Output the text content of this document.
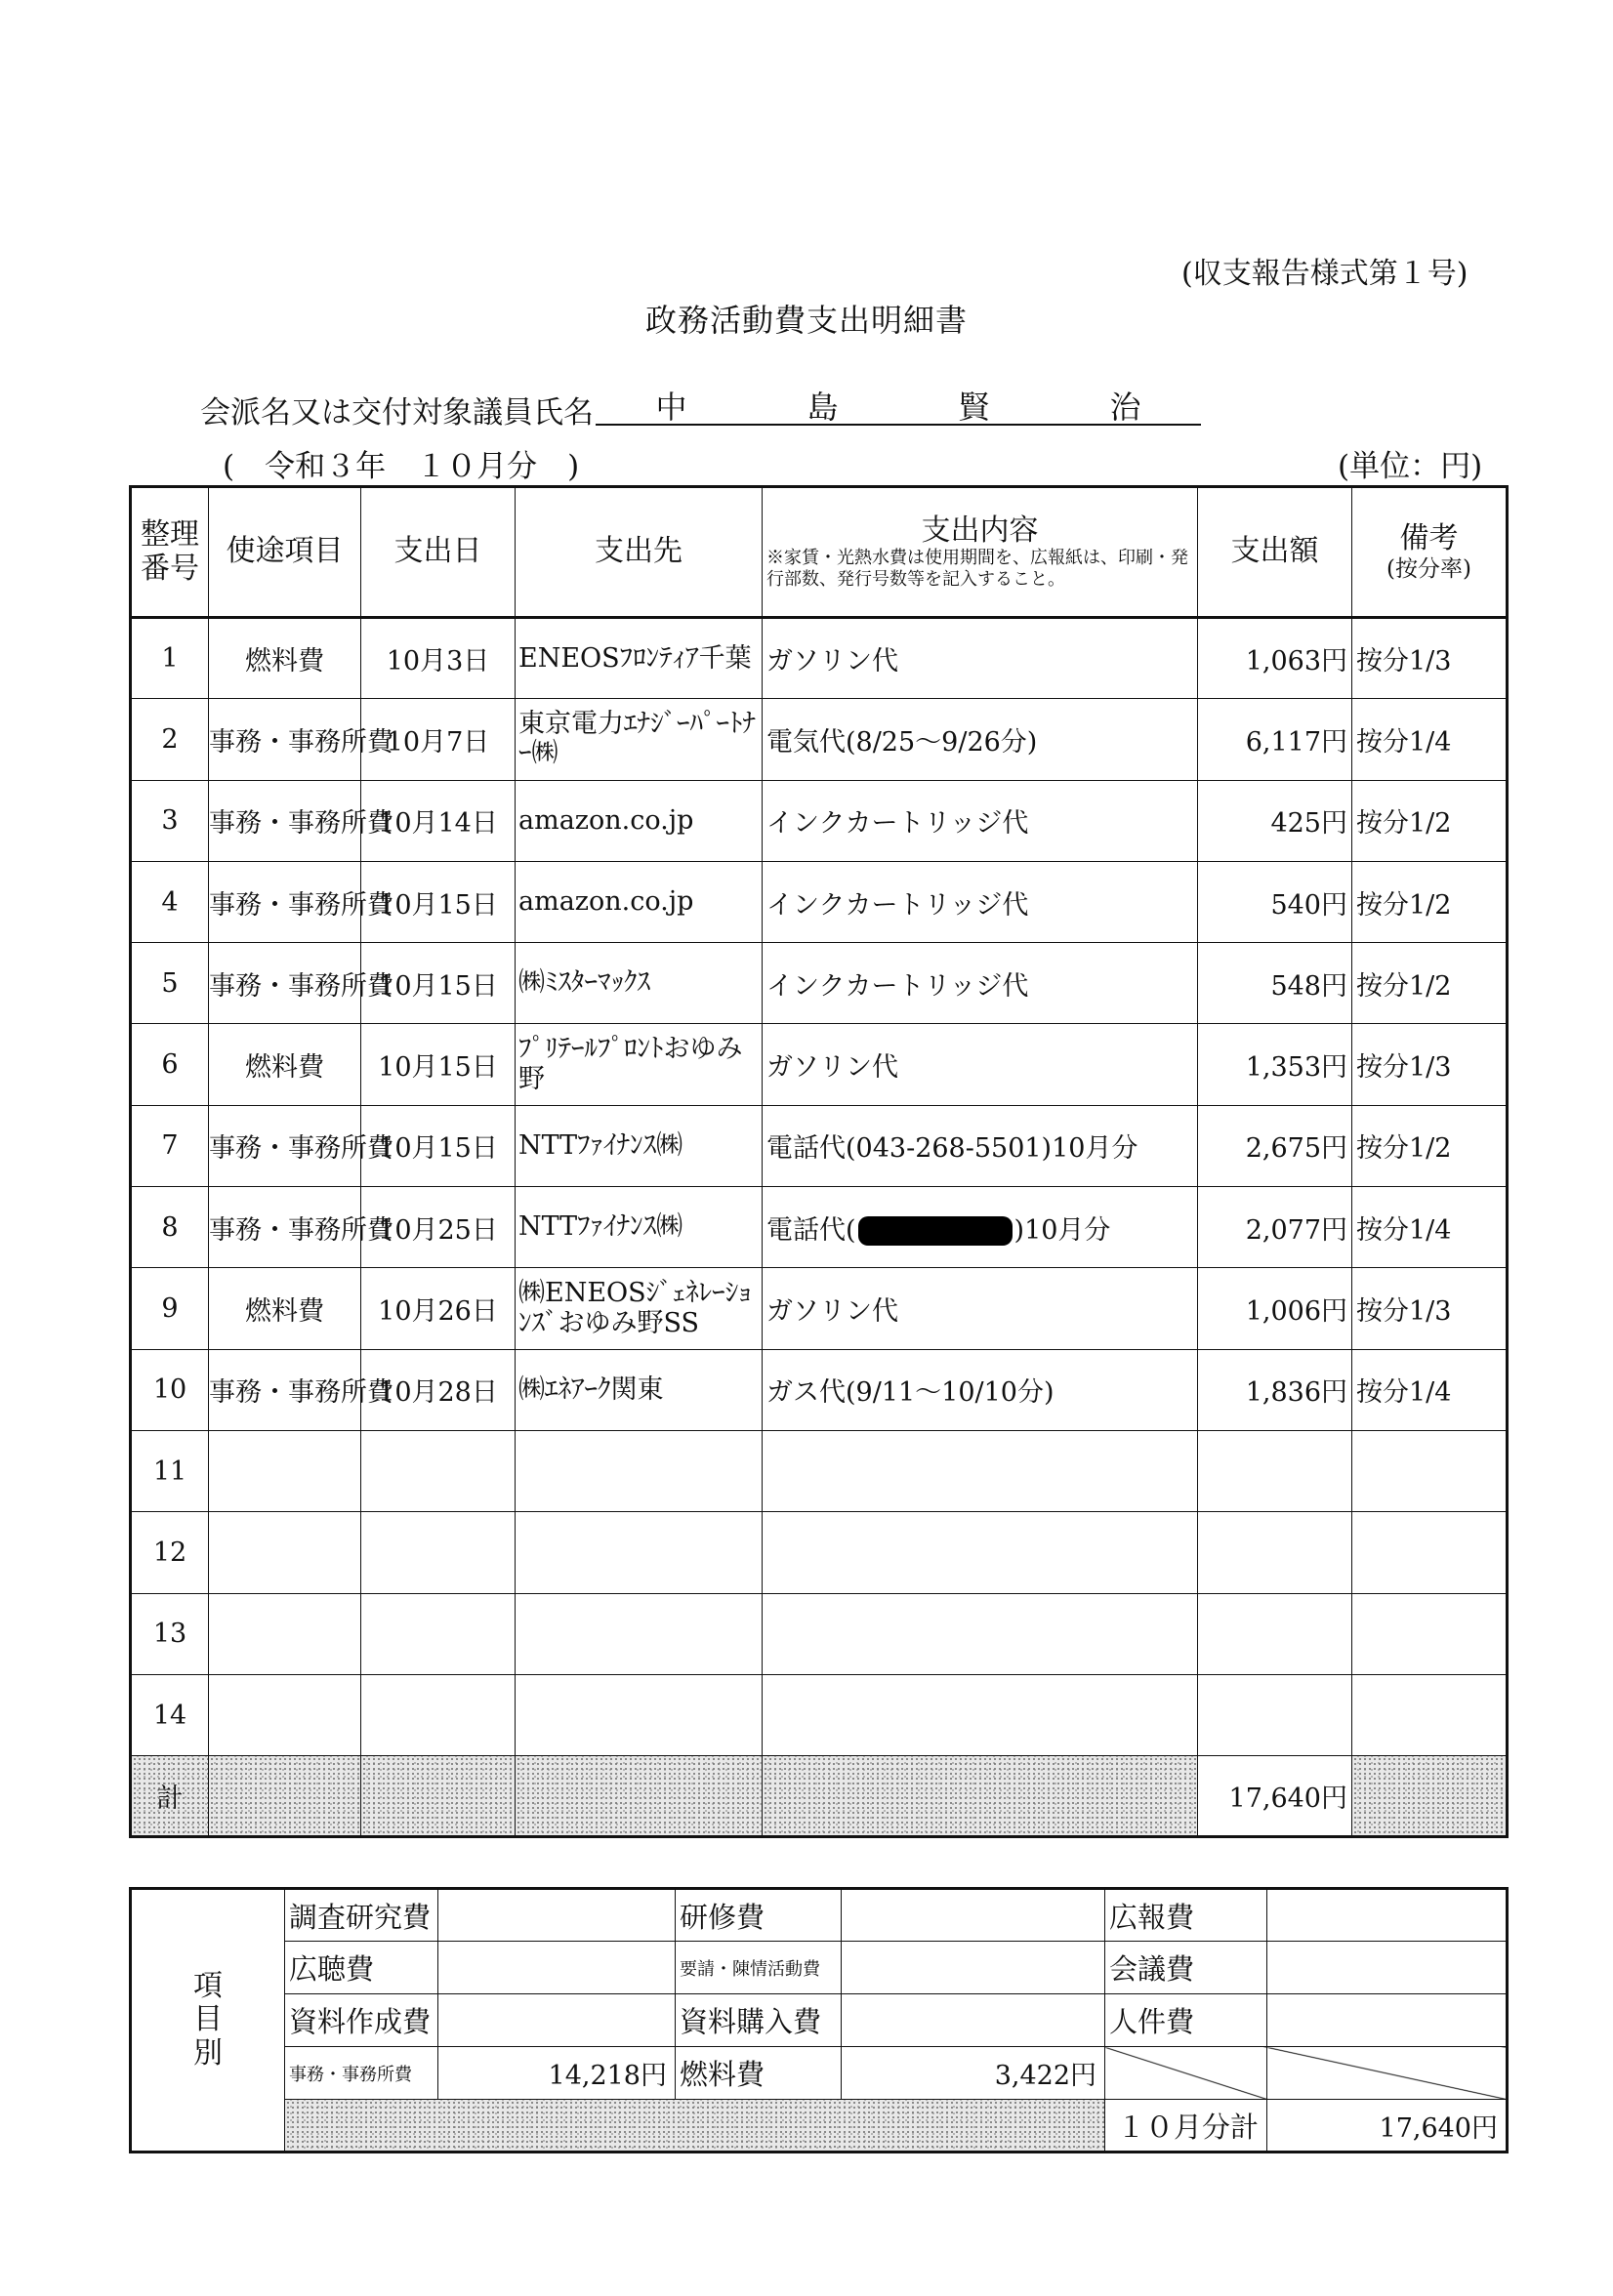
(収支報告様式第１号)
政務活動費支出明細書
会派名又は交付対象議員氏名 中	島	賢	治
(　令和３年　１０月分　)	(単位：円)
整理
番号	使途項目	支出日	支出先	支出内容
※家賃・光熱水費は使用期間を、広報紙は、印刷・発行部数、発行号数等を記入すること。	支出額	備考
(按分率)

1	燃料費	10月3日	ENEOSﾌﾛﾝﾃｨｱ千葉	ガソリン代	1,063円	按分1/3
2	事務・事務所費	10月7日	東京電力ｴﾅｼﾞｰﾊﾟｰﾄﾅｰ㈱	電気代(8/25～9/26分)	6,117円	按分1/4
3	事務・事務所費	10月14日	amazon.co.jp	インクカートリッジ代	425円	按分1/2
4	事務・事務所費	10月15日	amazon.co.jp	インクカートリッジ代	540円	按分1/2
5	事務・事務所費	10月15日	㈱ﾐｽﾀｰﾏｯｸｽ	インクカートリッジ代	548円	按分1/2
6	燃料費	10月15日	ﾌﾟﾘﾃｰﾙﾌﾟﾛﾝﾄおゆみ野	ガソリン代	1,353円	按分1/3
7	事務・事務所費	10月15日	NTTﾌｧｲﾅﾝｽ㈱	電話代(043-268-5501)10月分	2,675円	按分1/2
8	事務・事務所費	10月25日	NTTﾌｧｲﾅﾝｽ㈱	電話代( )10月分	2,077円	按分1/4
9	燃料費	10月26日	㈱ENEOSｼﾞｪﾈﾚｰｼｮﾝｽﾞおゆみ野SS	ガソリン代	1,006円	按分1/3
10	事務・事務所費	10月28日	㈱ｴﾈｱｰｸ関東	ガス代(9/11～10/10分)	1,836円	按分1/4
11						
12						
13						
14						
計					17,640円	
項
目
別	調査研究費		研修費		広報費	
	広聴費		要請・陳情活動費		会議費	
	資料作成費		資料購入費		人件費	
	事務・事務所費	14,218円	燃料費	3,422円		
					１０月分計	17,640円
